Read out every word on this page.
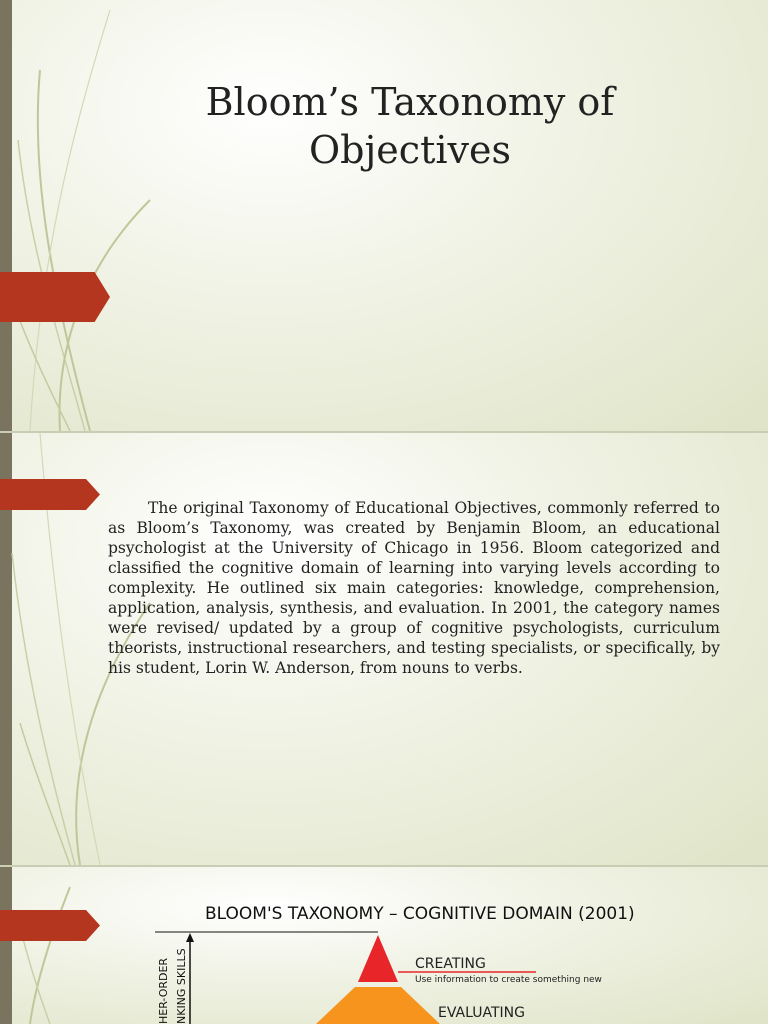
Bloom’s Taxonomy of Objectives

The original Taxonomy of Educational Objectives, commonly referred to as Bloom’s Taxonomy, was created by Benjamin Bloom, an educational psychologist at the University of Chicago in 1956. Bloom categorized and classified the cognitive domain of learning into varying levels according to complexity. He outlined six main categories: knowledge, comprehension, application, analysis, synthesis, and evaluation. In 2001, the category names were revised/ updated by a group of cognitive psychologists, curriculum theorists, instructional researchers, and testing specialists, or specifically, by his student, Lorin W. Anderson, from nouns to verbs.

BLOOM'S TAXONOMY – COGNITIVE DOMAIN (2001)

HER-ORDER NKING SKILLS	CREATING
Use information to create something new
EVALUATING
